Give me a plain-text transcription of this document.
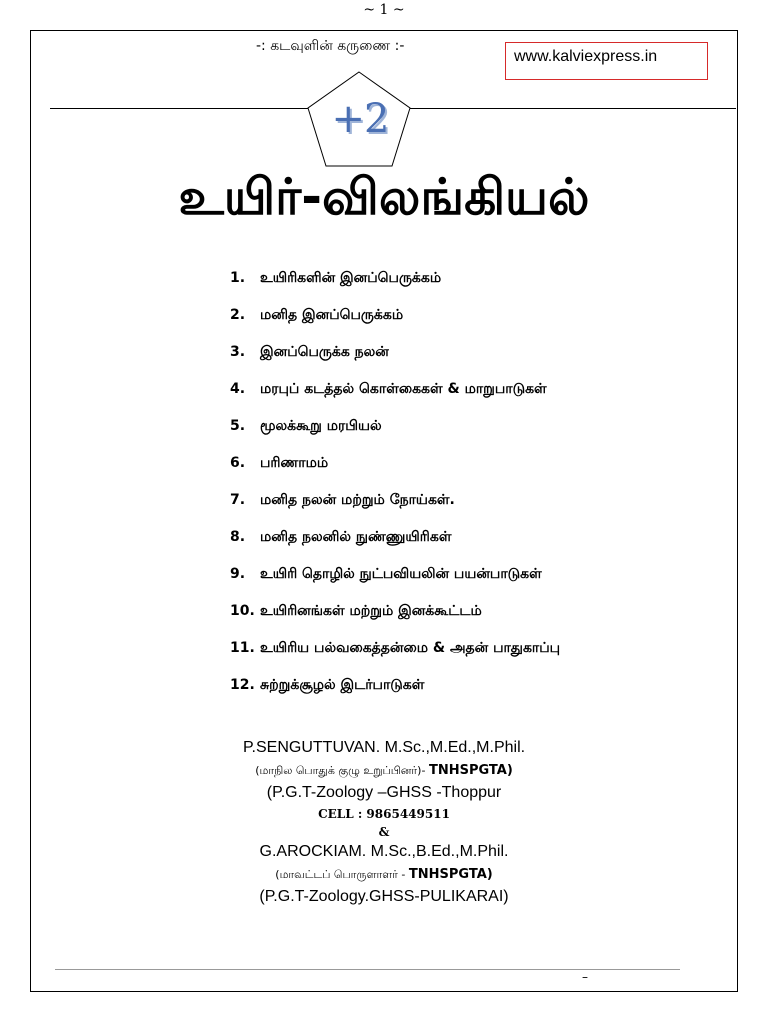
~ 1 ~
-: கடவுளின் கருணை :-
www.kalviexpress.in
+2
உயிர்-விலங்கியல்
1. உயிரிகளின் இனப்பெருக்கம்
2. மனித இனப்பெருக்கம்
3. இனப்பெருக்க நலன்
4. மரபுப் கடத்தல் கொள்கைகள் & மாறுபாடுகள்
5. மூலக்கூறு மரபியல்
6. பரிணாமம்
7. மனித நலன் மற்றும் நோய்கள்.
8. மனித நலனில் நுண்ணுயிரிகள்
9. உயிரி தொழில் நுட்பவியலின் பயன்பாடுகள்
10. உயிரினங்கள் மற்றும் இனக்கூட்டம்
11. உயிரிய பல்வகைத்தன்மை & அதன் பாதுகாப்பு
12. சுற்றுக்சூழல் இடர்பாடுகள்
P.SENGUTTUVAN. M.Sc.,M.Ed.,M.Phil.
(மாநில பொதுக் குழு உறுப்பினர்)- TNHSPGTA)
(P.G.T-Zoology –GHSS -Thoppur
CELL : 9865449511
&
G.AROCKIAM. M.Sc.,B.Ed.,M.Phil.
(மாவட்டப் பொருளாளர் - TNHSPGTA)
(P.G.T-Zoology.GHSS-PULIKARAI)
–
